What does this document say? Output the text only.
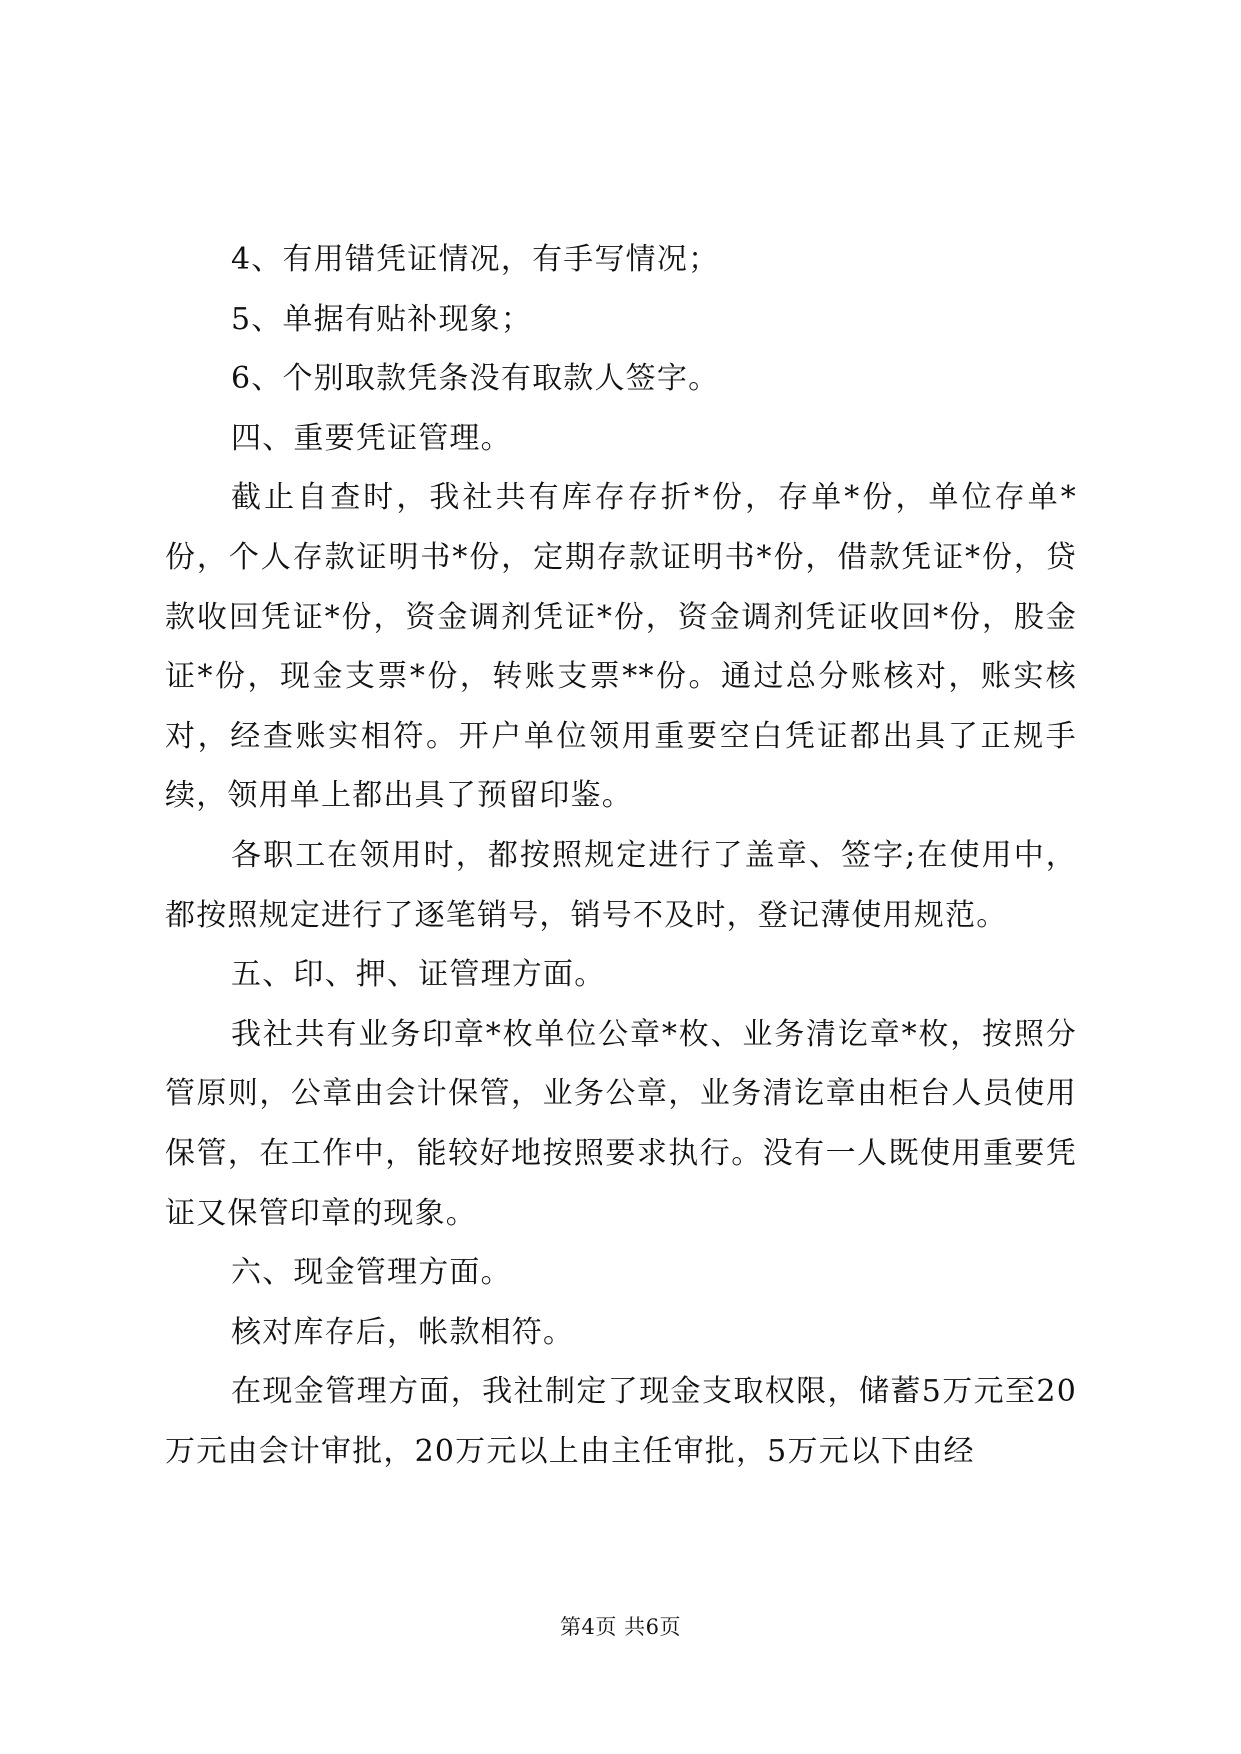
4、有用错凭证情况，有手写情况；

5、单据有贴补现象；

6、个别取款凭条没有取款人签字。

四、重要凭证管理。

截止自查时，我社共有库存存折*份，存单*份，单位存单*份，个人存款证明书*份，定期存款证明书*份，借款凭证*份，贷款收回凭证*份，资金调剂凭证*份，资金调剂凭证收回*份，股金证*份，现金支票*份，转账支票**份。通过总分账核对，账实核对，经查账实相符。开户单位领用重要空白凭证都出具了正规手续，领用单上都出具了预留印鉴。

各职工在领用时，都按照规定进行了盖章、签字;在使用中，都按照规定进行了逐笔销号，销号不及时，登记薄使用规范。

五、印、押、证管理方面。

我社共有业务印章*枚单位公章*枚、业务清讫章*枚，按照分管原则，公章由会计保管，业务公章，业务清讫章由柜台人员使用保管，在工作中，能较好地按照要求执行。没有一人既使用重要凭证又保管印章的现象。

六、现金管理方面。

核对库存后，帐款相符。

在现金管理方面，我社制定了现金支取权限，储蓄5万元至20万元由会计审批，20万元以上由主任审批，5万元以下由经

第4页 共6页
